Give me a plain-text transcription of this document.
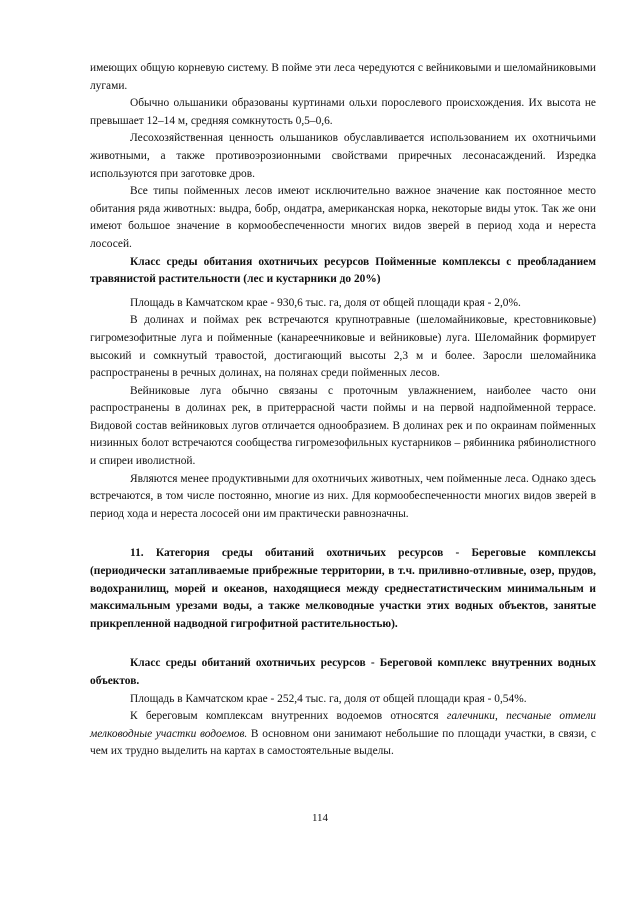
имеющих общую корневую систему. В пойме эти леса чередуются с вейниковыми и шеломайниковыми лугами.

Обычно ольшаники образованы куртинами ольхи порослевого происхождения. Их высота не превышает 12–14 м, средняя сомкнутость 0,5–0,6.

Лесохозяйственная ценность ольшаников обуславливается использованием их охотничьими животными, а также противоэрозионными свойствами приречных лесонасаждений. Изредка используются при заготовке дров.

Все типы пойменных лесов имеют исключительно важное значение как постоянное место обитания ряда животных: выдра, бобр, ондатра, американская норка, некоторые виды уток. Так же они имеют большое значение в кормообеспеченности многих видов зверей в период хода и нереста лососей.

Класс среды обитания охотничьих ресурсов Пойменные комплексы с преобладанием травянистой растительности (лес и кустарники до 20%)

Площадь в Камчатском крае - 930,6 тыс. га, доля от общей площади края - 2,0%.

В долинах и поймах рек встречаются крупнотравные (шеломайниковые, крестовниковые) гигромезофитные луга и пойменные (канареечниковые и вейниковые) луга. Шеломайник формирует высокий и сомкнутый травостой, достигающий высоты 2,3 м и более. Заросли шеломайника распространены в речных долинах, на полянах среди пойменных лесов.

Вейниковые луга обычно связаны с проточным увлажнением, наиболее часто они распространены в долинах рек, в притеррасной части поймы и на первой надпойменной террасе. Видовой состав вейниковых лугов отличается однообразием. В долинах рек и по окраинам пойменных низинных болот встречаются сообщества гигромезофильных кустарников – рябинника рябинолистного и спиреи иволистной.

Являются менее продуктивными для охотничьих животных, чем пойменные леса. Однако здесь встречаются, в том числе постоянно, многие из них. Для кормообеспеченности многих видов зверей в период хода и нереста лососей они им практически равнозначны.

11. Категория среды обитаний охотничьих ресурсов - Береговые комплексы (периодически затапливаемые прибрежные территории, в т.ч. приливно-отливные, озер, прудов, водохранилищ, морей и океанов, находящиеся между среднестатистическим минимальным и максимальным урезами воды, а также мелководные участки этих водных объектов, занятые прикрепленной надводной гигрофитной растительностью).

Класс среды обитаний охотничьих ресурсов - Береговой комплекс внутренних водных объектов.

Площадь в Камчатском крае - 252,4 тыс. га, доля от общей площади края - 0,54%.

К береговым комплексам внутренних водоемов относятся галечники, песчаные отмели мелководные участки водоемов. В основном они занимают небольшие по площади участки, в связи, с чем их трудно выделить на картах в самостоятельные выделы.

114
